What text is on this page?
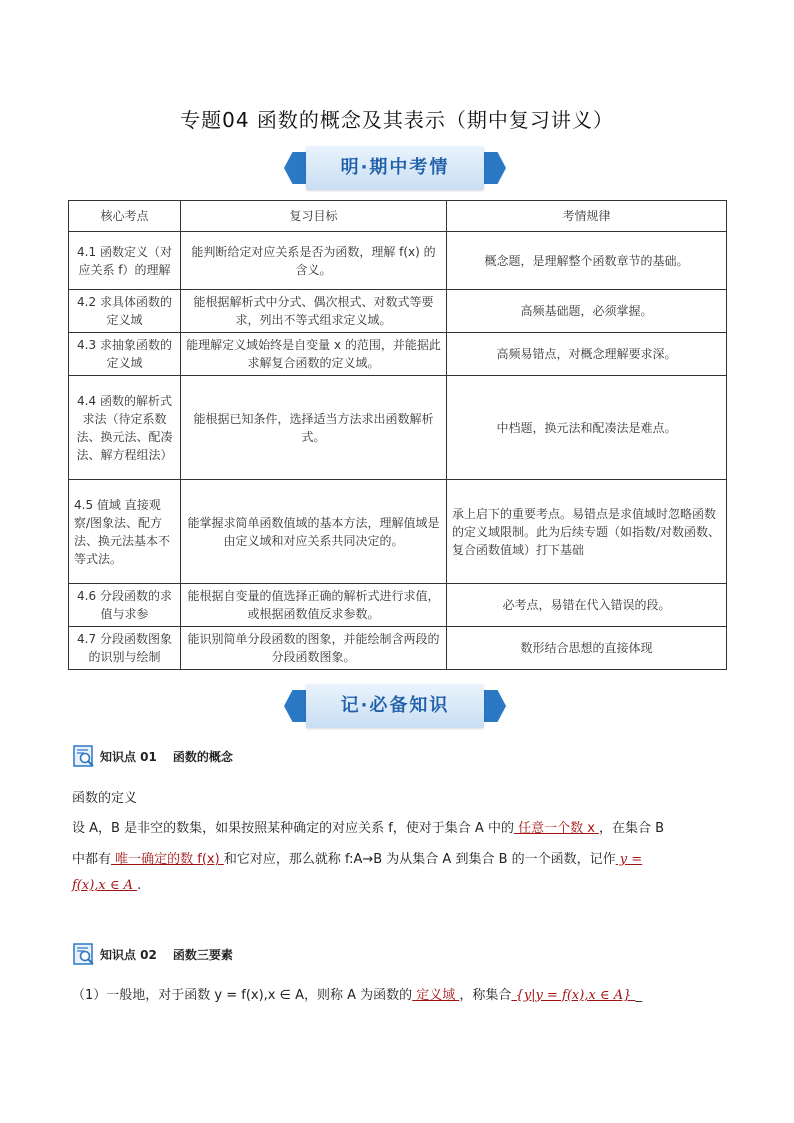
专题04 函数的概念及其表示（期中复习讲义）
明·期中考情
核心考点	复习目标	考情规律
4.1 函数定义（对应关系 f）的理解	能判断给定对应关系是否为函数，理解 f(x) 的含义。	概念题，是理解整个函数章节的基础。
4.2 求具体函数的定义域	能根据解析式中分式、偶次根式、对数式等要求，列出不等式组求定义域。	高频基础题，必须掌握。
4.3 求抽象函数的定义域	能理解定义域始终是自变量 x 的范围，并能据此求解复合函数的定义域。	高频易错点，对概念理解要求深。
4.4 函数的解析式求法（待定系数法、换元法、配凑法、解方程组法）	能根据已知条件，选择适当方法求出函数解析式。	中档题，换元法和配凑法是难点。
4.5 值域 直接观察/图象法、配方法、换元法基本不等式法。	能掌握求简单函数值域的基本方法，理解值域是由定义域和对应关系共同决定的。	承上启下的重要考点。易错点是求值域时忽略函数的定义域限制。此为后续专题（如指数/对数函数、复合函数值域）打下基础
4.6 分段函数的求值与求参	能根据自变量的值选择正确的解析式进行求值，或根据函数值反求参数。	必考点，易错在代入错误的段。
4.7 分段函数图象的识别与绘制	能识别简单分段函数的图象，并能绘制含两段的分段函数图象。	数形结合思想的直接体现
记·必备知识
知识点 01 函数的概念
函数的定义
设 A，B 是非空的数集，如果按照某种确定的对应关系 f，使对于集合 A 中的 任意一个数 x ，在集合 B
中都有 唯一确定的数 f(x) 和它对应，那么就称 f:A→B 为从集合 A 到集合 B 的一个函数，记作 y =
f(x),x ∈ A .
知识点 02 函数三要素
（1）一般地，对于函数 y = f(x),x ∈ A，则称 A 为函数的 定义域 ，称集合 {y|y = f(x),x ∈ A} _
